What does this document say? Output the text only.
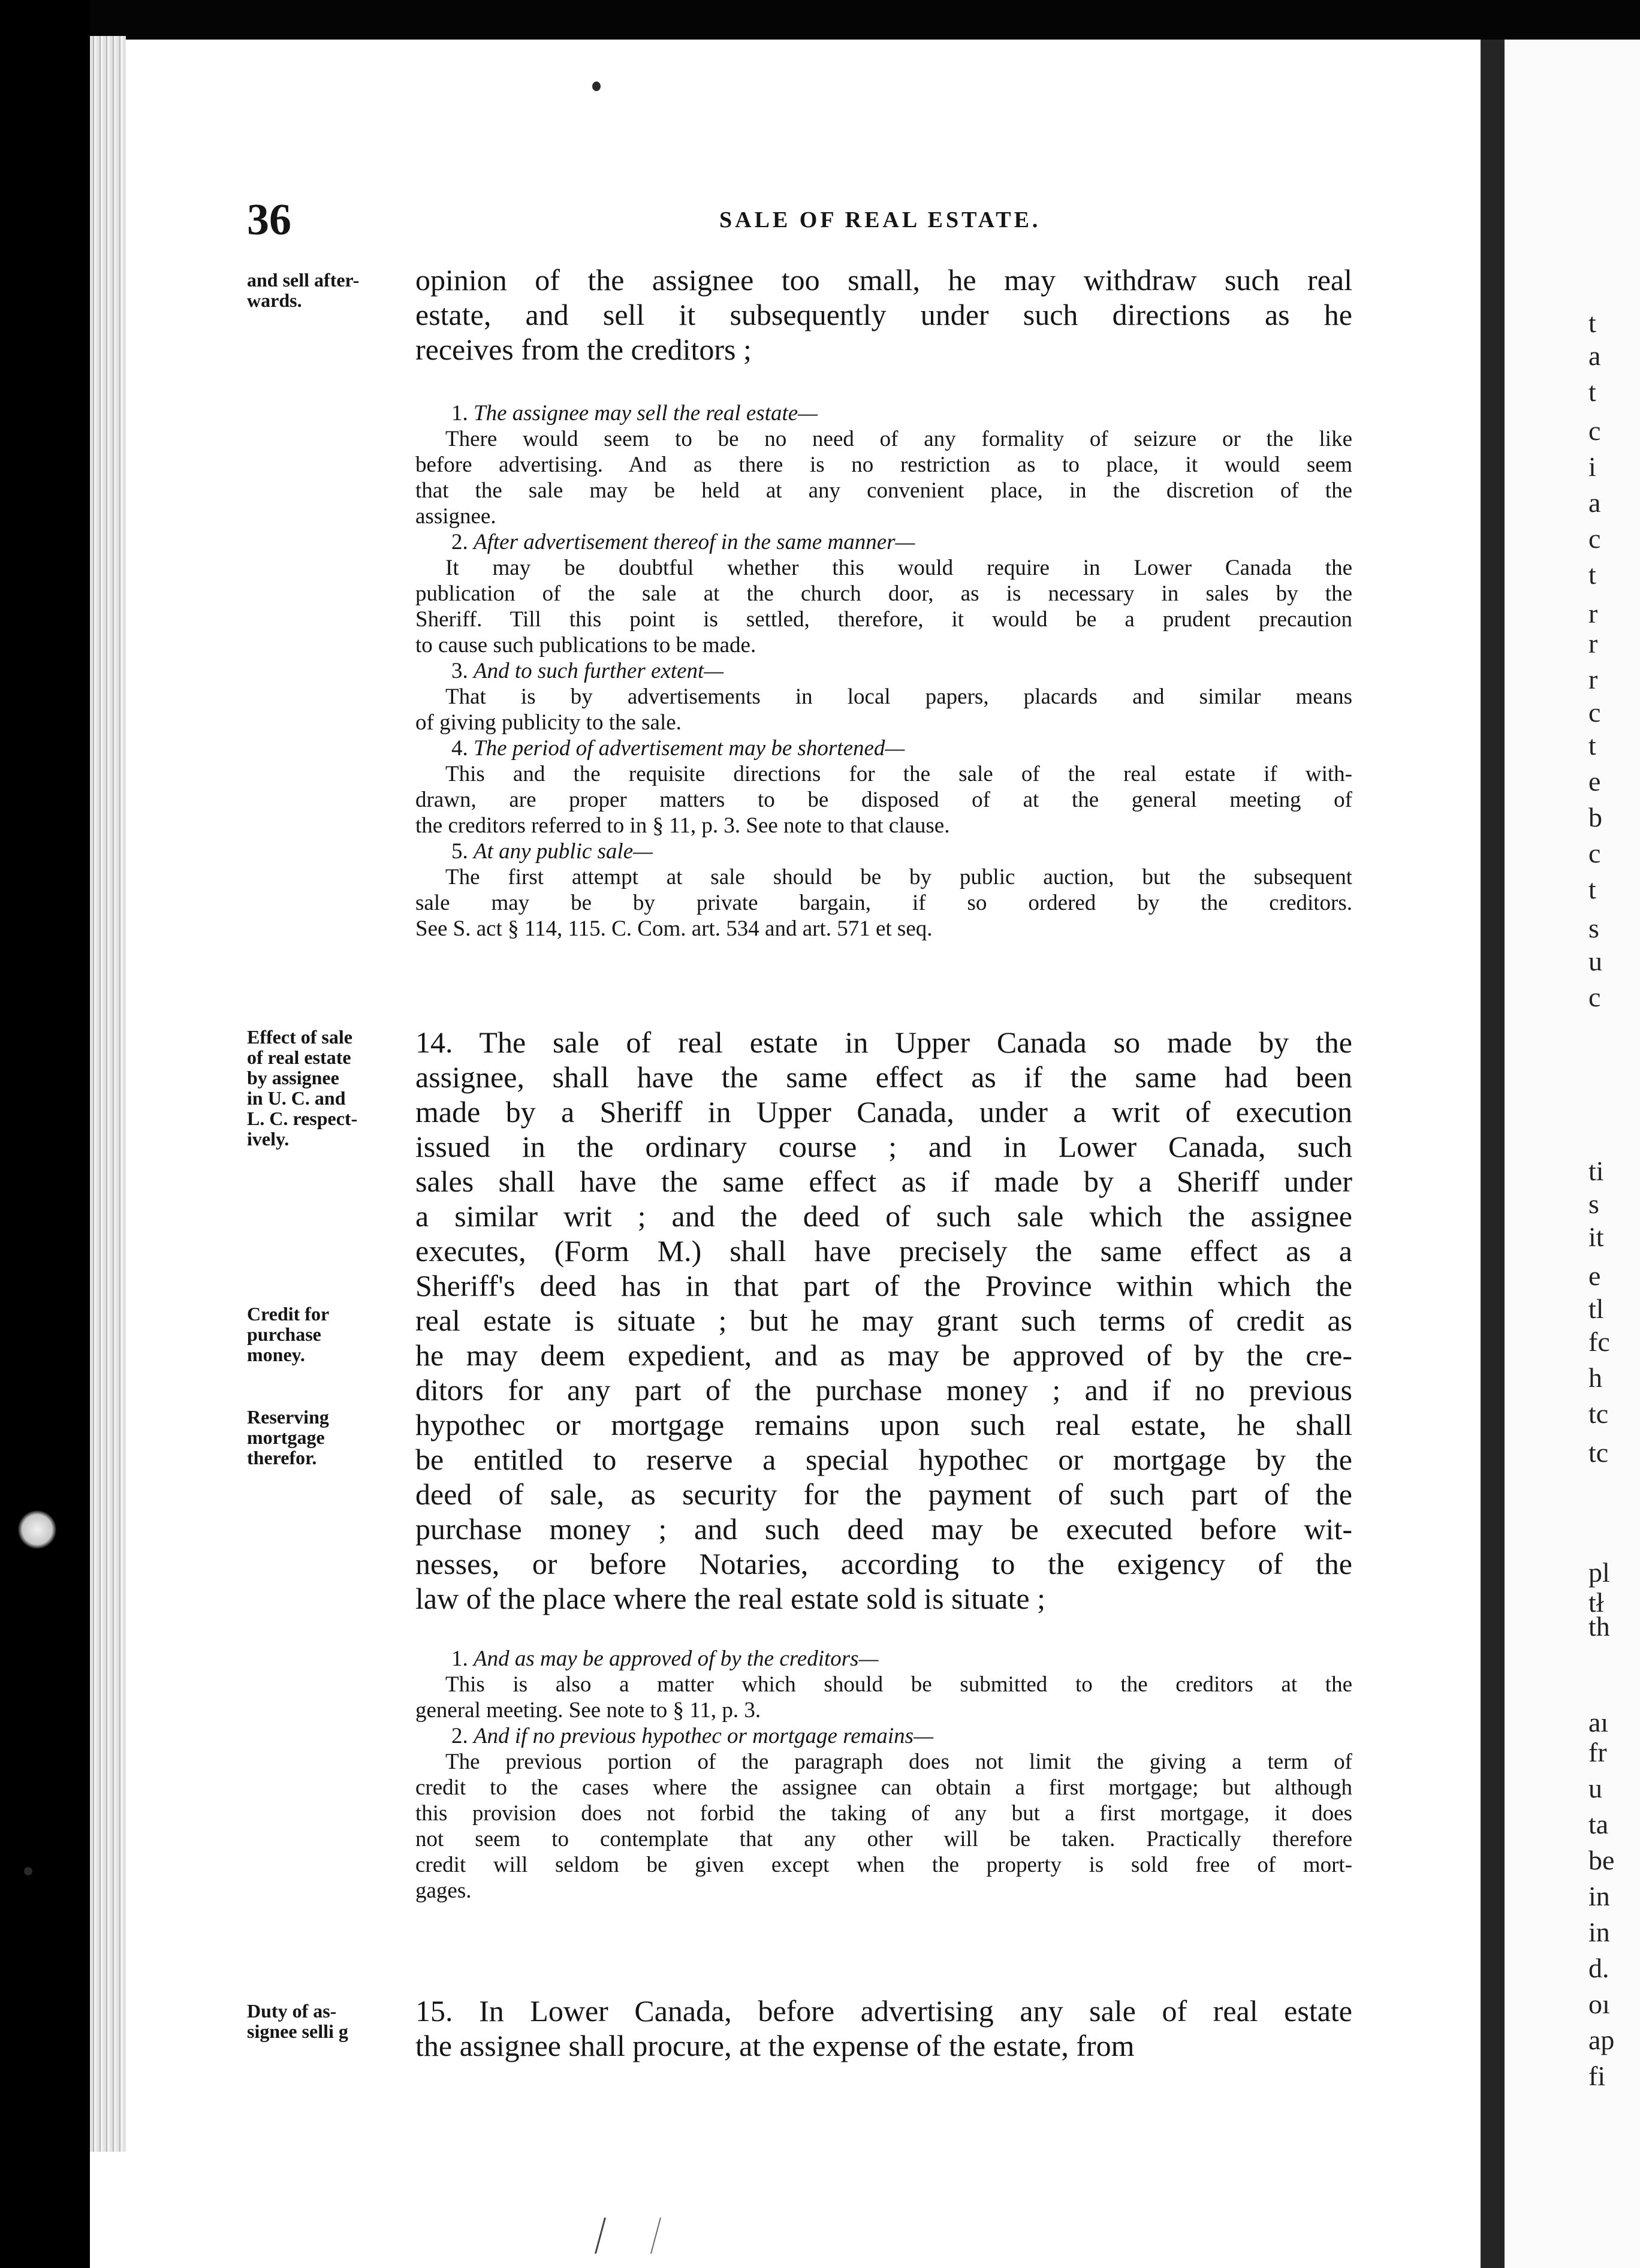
t
a
t
c
i
a
c
t
r
r
r
c
t
e
b
c
t
s
u
c
ti
s
it
e
tl
fc
h
tc
tc
pl
tł
th
aı
fr
u
ta
be
in
in
d.
oı
ap
fi
36	SALE OF REAL ESTATE.
and sell after-
wards.
Effect of sale
of real estate
by assignee
in U. C. and
L. C. respect-
ively.
Credit for
purchase
money.
Reserving
mortgage
therefor.
Duty of as-
signee selli g
opinion of the assignee too small, he may withdraw such real
estate, and sell it subsequently under such directions as he
receives from the creditors ;
1. The assignee may sell the real estate—
There would seem to be no need of any formality of seizure or the like
before advertising. And as there is no restriction as to place, it would seem
that the sale may be held at any convenient place, in the discretion of the
assignee.
2. After advertisement thereof in the same manner—
It may be doubtful whether this would require in Lower Canada the
publication of the sale at the church door, as is necessary in sales by the
Sheriff. Till this point is settled, therefore, it would be a prudent precaution
to cause such publications to be made.
3. And to such further extent—
That is by advertisements in local papers, placards and similar means
of giving publicity to the sale.
4. The period of advertisement may be shortened—
This and the requisite directions for the sale of the real estate if with-
drawn, are proper matters to be disposed of at the general meeting of
the creditors referred to in § 11, p. 3. See note to that clause.
5. At any public sale—
The first attempt at sale should be by public auction, but the subsequent
sale may be by private bargain, if so ordered by the creditors.
See S. act § 114, 115. C. Com. art. 534 and art. 571 et seq.
14. The sale of real estate in Upper Canada so made by the
assignee, shall have the same effect as if the same had been
made by a Sheriff in Upper Canada, under a writ of execution
issued in the ordinary course ; and in Lower Canada, such
sales shall have the same effect as if made by a Sheriff under
a similar writ ; and the deed of such sale which the assignee
executes, (Form M.) shall have precisely the same effect as a
Sheriff's deed has in that part of the Province within which the
real estate is situate ; but he may grant such terms of credit as
he may deem expedient, and as may be approved of by the cre-
ditors for any part of the purchase money ; and if no previous
hypothec or mortgage remains upon such real estate, he shall
be entitled to reserve a special hypothec or mortgage by the
deed of sale, as security for the payment of such part of the
purchase money ; and such deed may be executed before wit-
nesses, or before Notaries, according to the exigency of the
law of the place where the real estate sold is situate ;
1. And as may be approved of by the creditors—
This is also a matter which should be submitted to the creditors at the
general meeting. See note to § 11, p. 3.
2. And if no previous hypothec or mortgage remains—
The previous portion of the paragraph does not limit the giving a term of
credit to the cases where the assignee can obtain a first mortgage; but although
this provision does not forbid the taking of any but a first mortgage, it does
not seem to contemplate that any other will be taken. Practically therefore
credit will seldom be given except when the property is sold free of mort-
gages.
15. In Lower Canada, before advertising any sale of real estate
the assignee shall procure, at the expense of the estate, from
